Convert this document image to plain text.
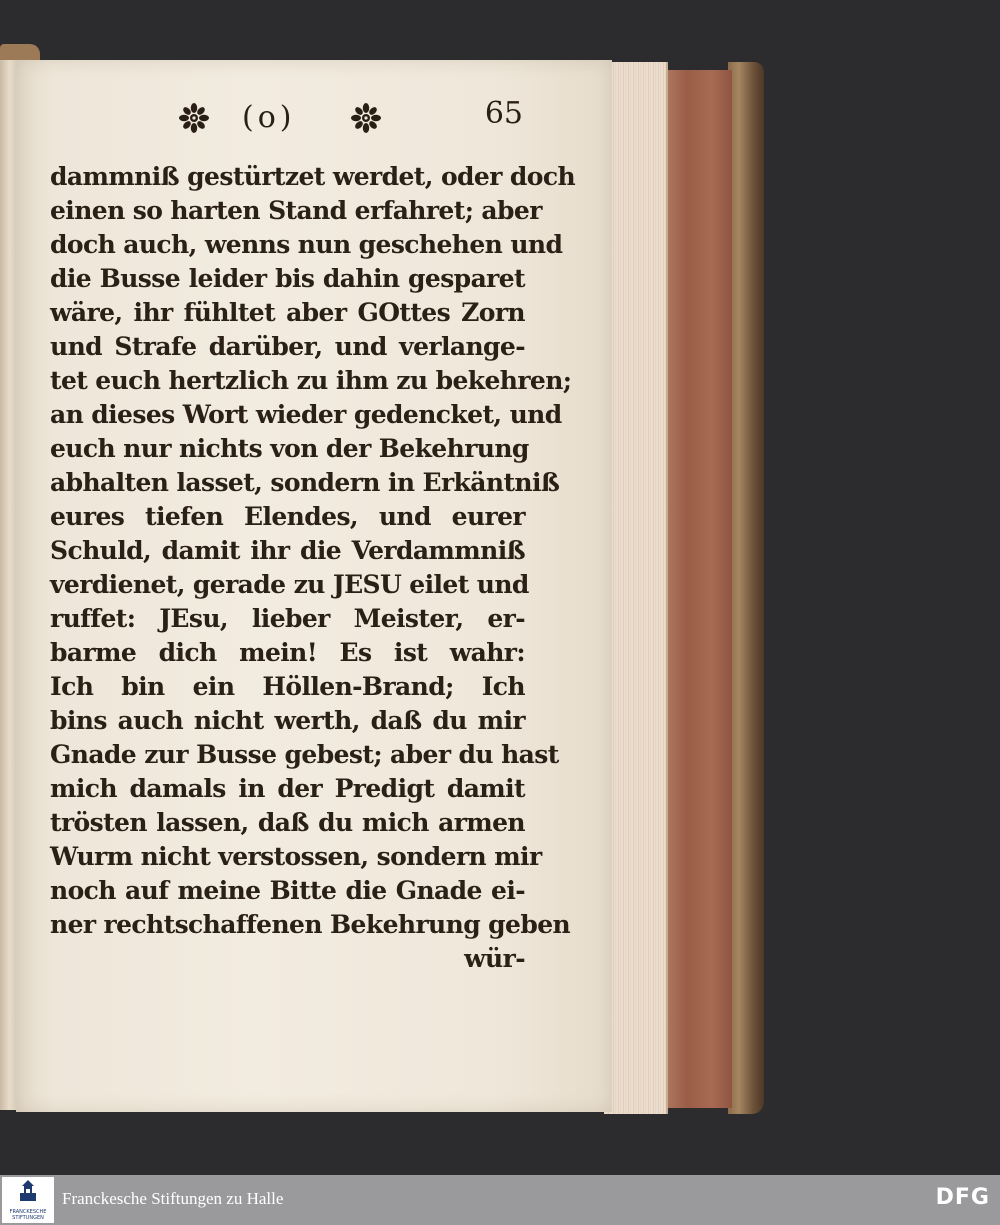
(o)	65
dammniß gestürtzet werdet, oder doch
einen so harten Stand erfahret; aber
doch auch, wenns nun geschehen und
die Busse leider bis dahin gesparet
wäre, ihr fühltet aber GOttes Zorn
und Strafe darüber, und verlange-
tet euch hertzlich zu ihm zu bekehren;
an dieses Wort wieder gedencket, und
euch nur nichts von der Bekehrung
abhalten lasset, sondern in Erkäntniß
eures tiefen Elendes, und eurer
Schuld, damit ihr die Verdammniß
verdienet, gerade zu JESU eilet und
ruffet: JEsu, lieber Meister, er-
barme dich mein! Es ist wahr:
Ich bin ein Höllen-Brand; Ich
bins auch nicht werth, daß du mir
Gnade zur Busse gebest; aber du hast
mich damals in der Predigt damit
trösten lassen, daß du mich armen
Wurm nicht verstossen, sondern mir
noch auf meine Bitte die Gnade ei-
ner rechtschaffenen Bekehrung geben
wür-
FRANCKESCHE
STIFTUNGEN
Franckesche Stiftungen zu Halle	DFG
